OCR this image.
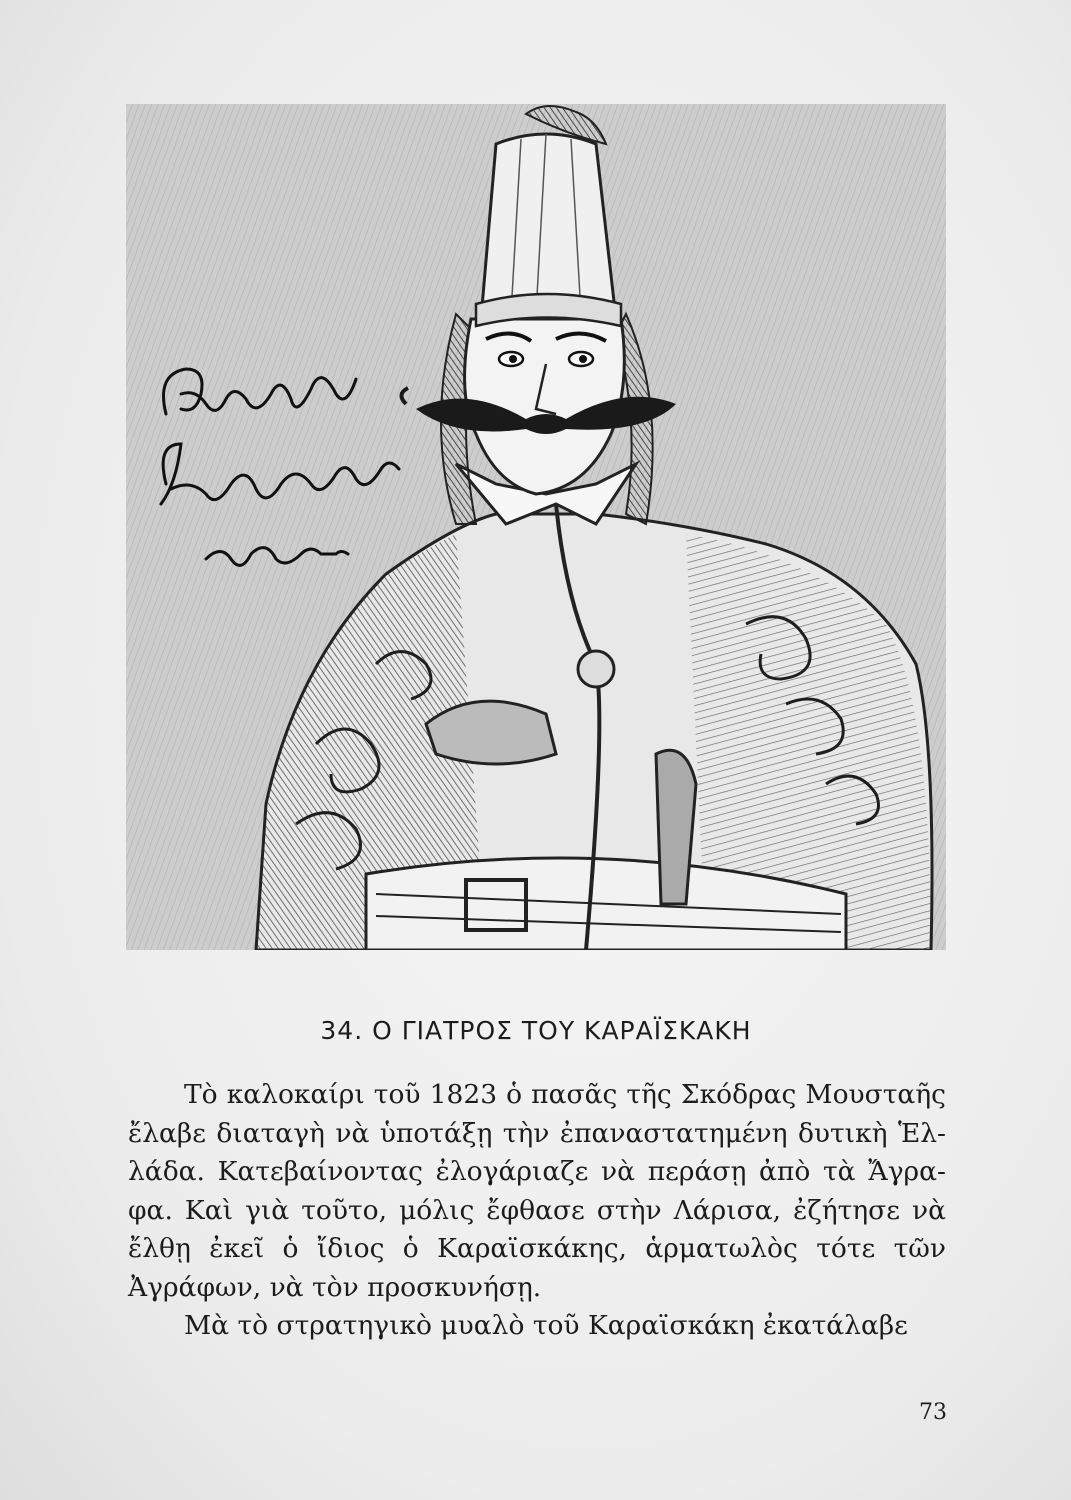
34. Ο ΓΙΑΤΡΟΣ ΤΟΥ ΚΑΡΑΪΣΚΑΚΗ

Τὸ καλοκαίρι τοῦ 1823 ὁ πασᾶς τῆς Σκόδρας Μουσταῆς ἔλαβε διαταγὴ νὰ ὑποτάξῃ τὴν ἐπαναστατημένη δυτικὴ Ἑλ-λάδα. Κατεβαίνοντας ἐλογάριαζε νὰ περάσῃ ἀπὸ τὰ Ἄγρα-φα. Καὶ γιὰ τοῦτο, μόλις ἔφθασε στὴν Λάρισα, ἐζήτησε νὰ ἔλθῃ ἐκεῖ ὁ ἴδιος ὁ Καραϊσκάκης, ἁρματωλὸς τότε τῶν Ἀγράφων, νὰ τὸν προσκυνήσῃ.

Μὰ τὸ στρατηγικὸ μυαλὸ τοῦ Καραϊσκάκη ἐκατάλαβε

73
